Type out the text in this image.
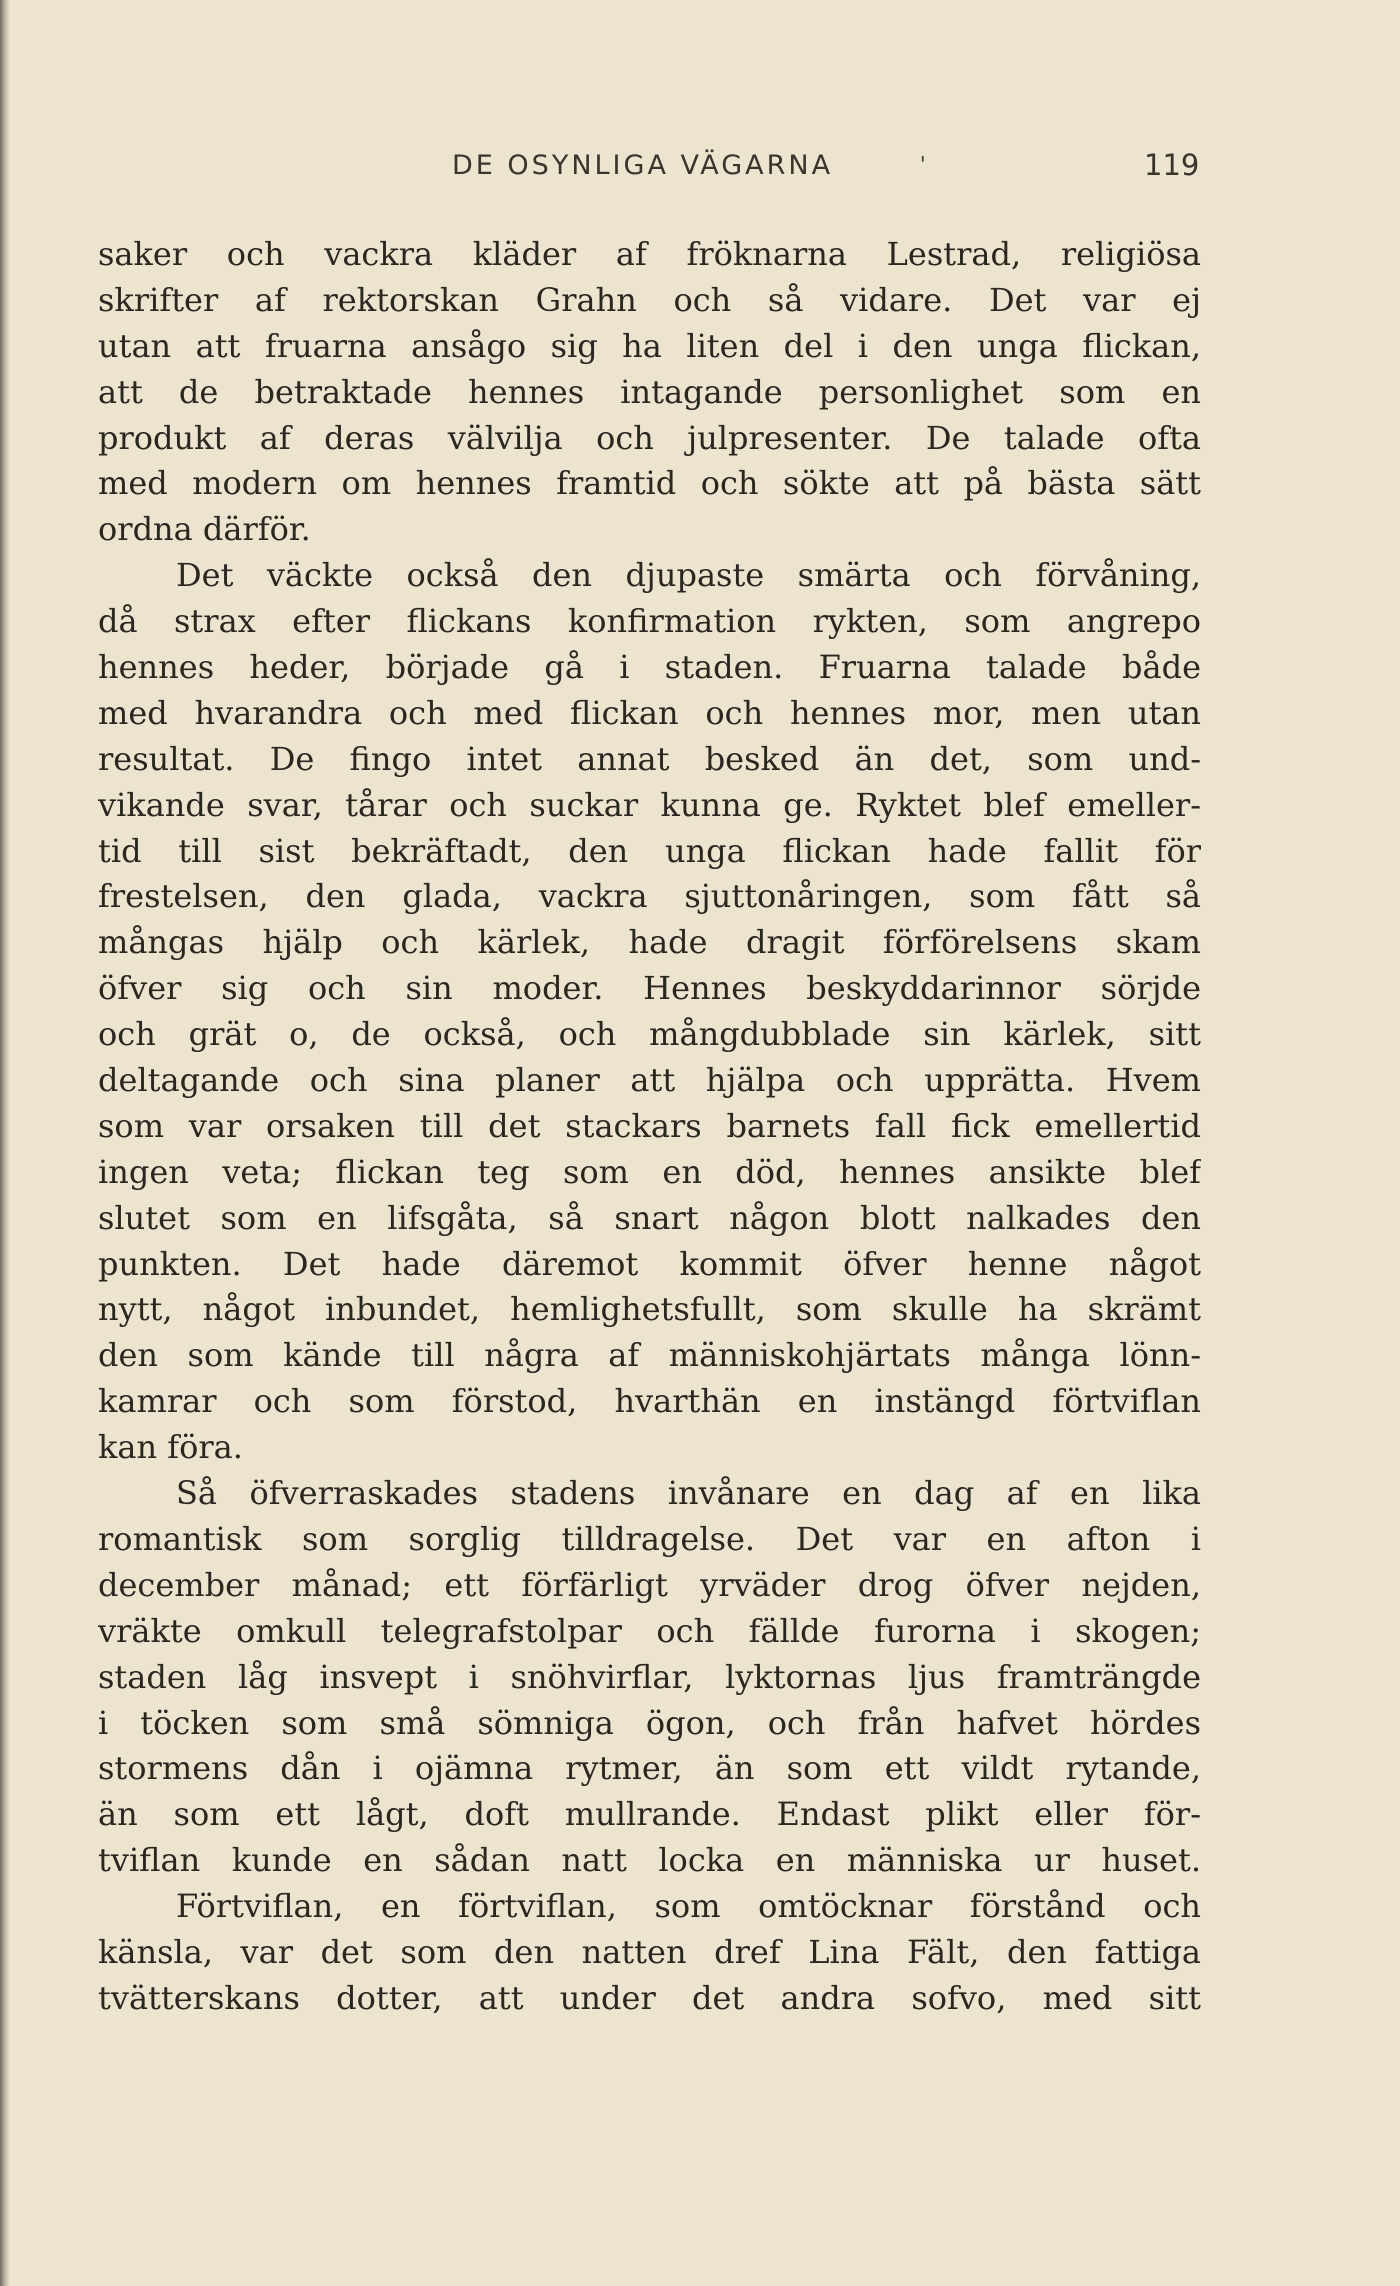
DE OSYNLIGA VÄGARNA	'	119
saker och vackra kläder af fröknarna Lestrad, religiösa
skrifter af rektorskan Grahn och så vidare. Det var ej
utan att fruarna ansågo sig ha liten del i den unga flickan,
att de betraktade hennes intagande personlighet som en
produkt af deras välvilja och julpresenter. De talade ofta
med modern om hennes framtid och sökte att på bästa sätt
ordna därför.
Det väckte också den djupaste smärta och förvåning,
då strax efter flickans konfirmation rykten, som angrepo
hennes heder, började gå i staden. Fruarna talade både
med hvarandra och med flickan och hennes mor, men utan
resultat. De fingo intet annat besked än det, som und-
vikande svar, tårar och suckar kunna ge. Ryktet blef emeller-
tid till sist bekräftadt, den unga flickan hade fallit för
frestelsen, den glada, vackra sjuttonåringen, som fått så
mångas hjälp och kärlek, hade dragit förförelsens skam
öfver sig och sin moder. Hennes beskyddarinnor sörjde
och grät o, de också, och mångdubblade sin kärlek, sitt
deltagande och sina planer att hjälpa och upprätta. Hvem
som var orsaken till det stackars barnets fall fick emellertid
ingen veta; flickan teg som en död, hennes ansikte blef
slutet som en lifsgåta, så snart någon blott nalkades den
punkten. Det hade däremot kommit öfver henne något
nytt, något inbundet, hemlighetsfullt, som skulle ha skrämt
den som kände till några af människohjärtats många lönn-
kamrar och som förstod, hvarthän en instängd förtviflan
kan föra.
Så öfverraskades stadens invånare en dag af en lika
romantisk som sorglig tilldragelse. Det var en afton i
december månad; ett förfärligt yrväder drog öfver nejden,
vräkte omkull telegrafstolpar och fällde furorna i skogen;
staden låg insvept i snöhvirflar, lyktornas ljus framträngde
i töcken som små sömniga ögon, och från hafvet hördes
stormens dån i ojämna rytmer, än som ett vildt rytande,
än som ett lågt, doft mullrande. Endast plikt eller för-
tviflan kunde en sådan natt locka en människa ur huset.
Förtviflan, en förtviflan, som omtöcknar förstånd och
känsla, var det som den natten dref Lina Fält, den fattiga
tvätterskans dotter, att under det andra sofvo, med sitt
